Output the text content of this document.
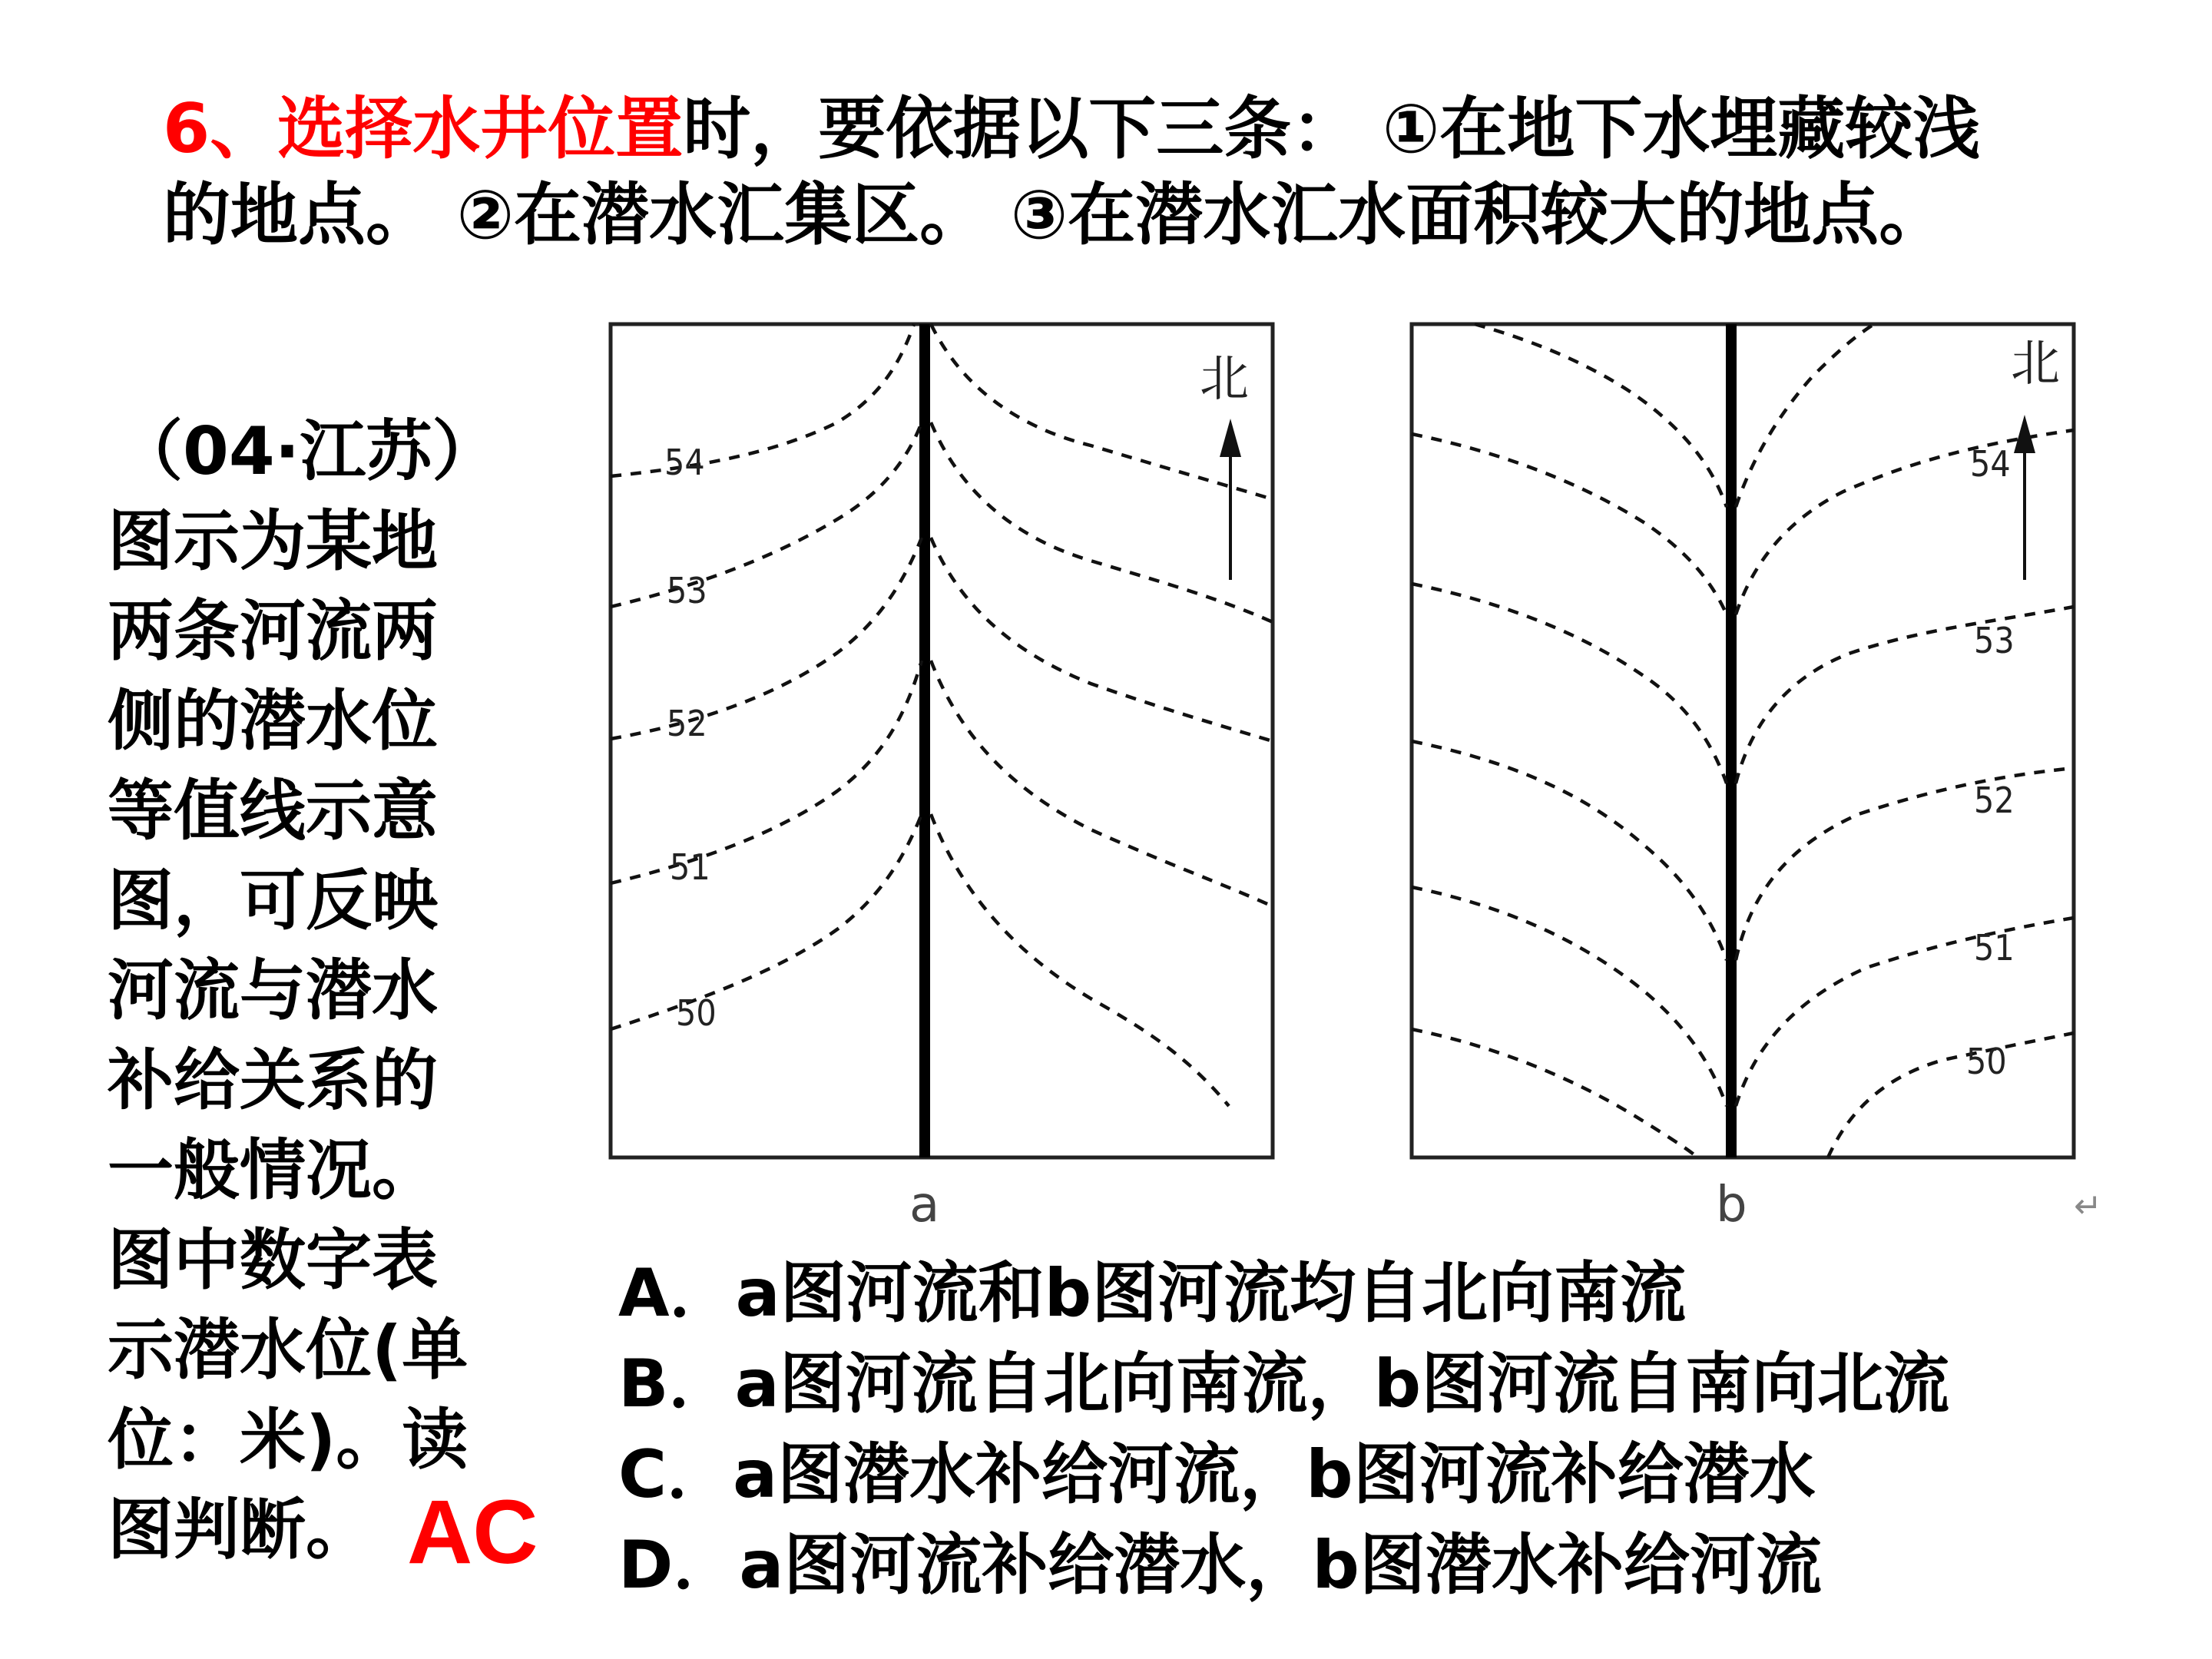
6、选择水井位置时，要依据以下三条： ①在地下水埋藏较浅的地点。 ②在潜水汇集区。 ③在潜水汇水面积较大的地点。
（04·江苏）
图示为某地两条河流两侧的潜水位等值线示意图，可反映河流与潜水补给关系的一般情况。图中数字表示潜水位(单位：米)。读图判断。 AC
54
53
52
51
50
北
a
54
53
52
51
50
北
b	↵
A．a图河流和b图河流均自北向南流
B．a图河流自北向南流，b图河流自南向北流
C．a图潜水补给河流，b图河流补给潜水
D．a图河流补给潜水，b图潜水补给河流
